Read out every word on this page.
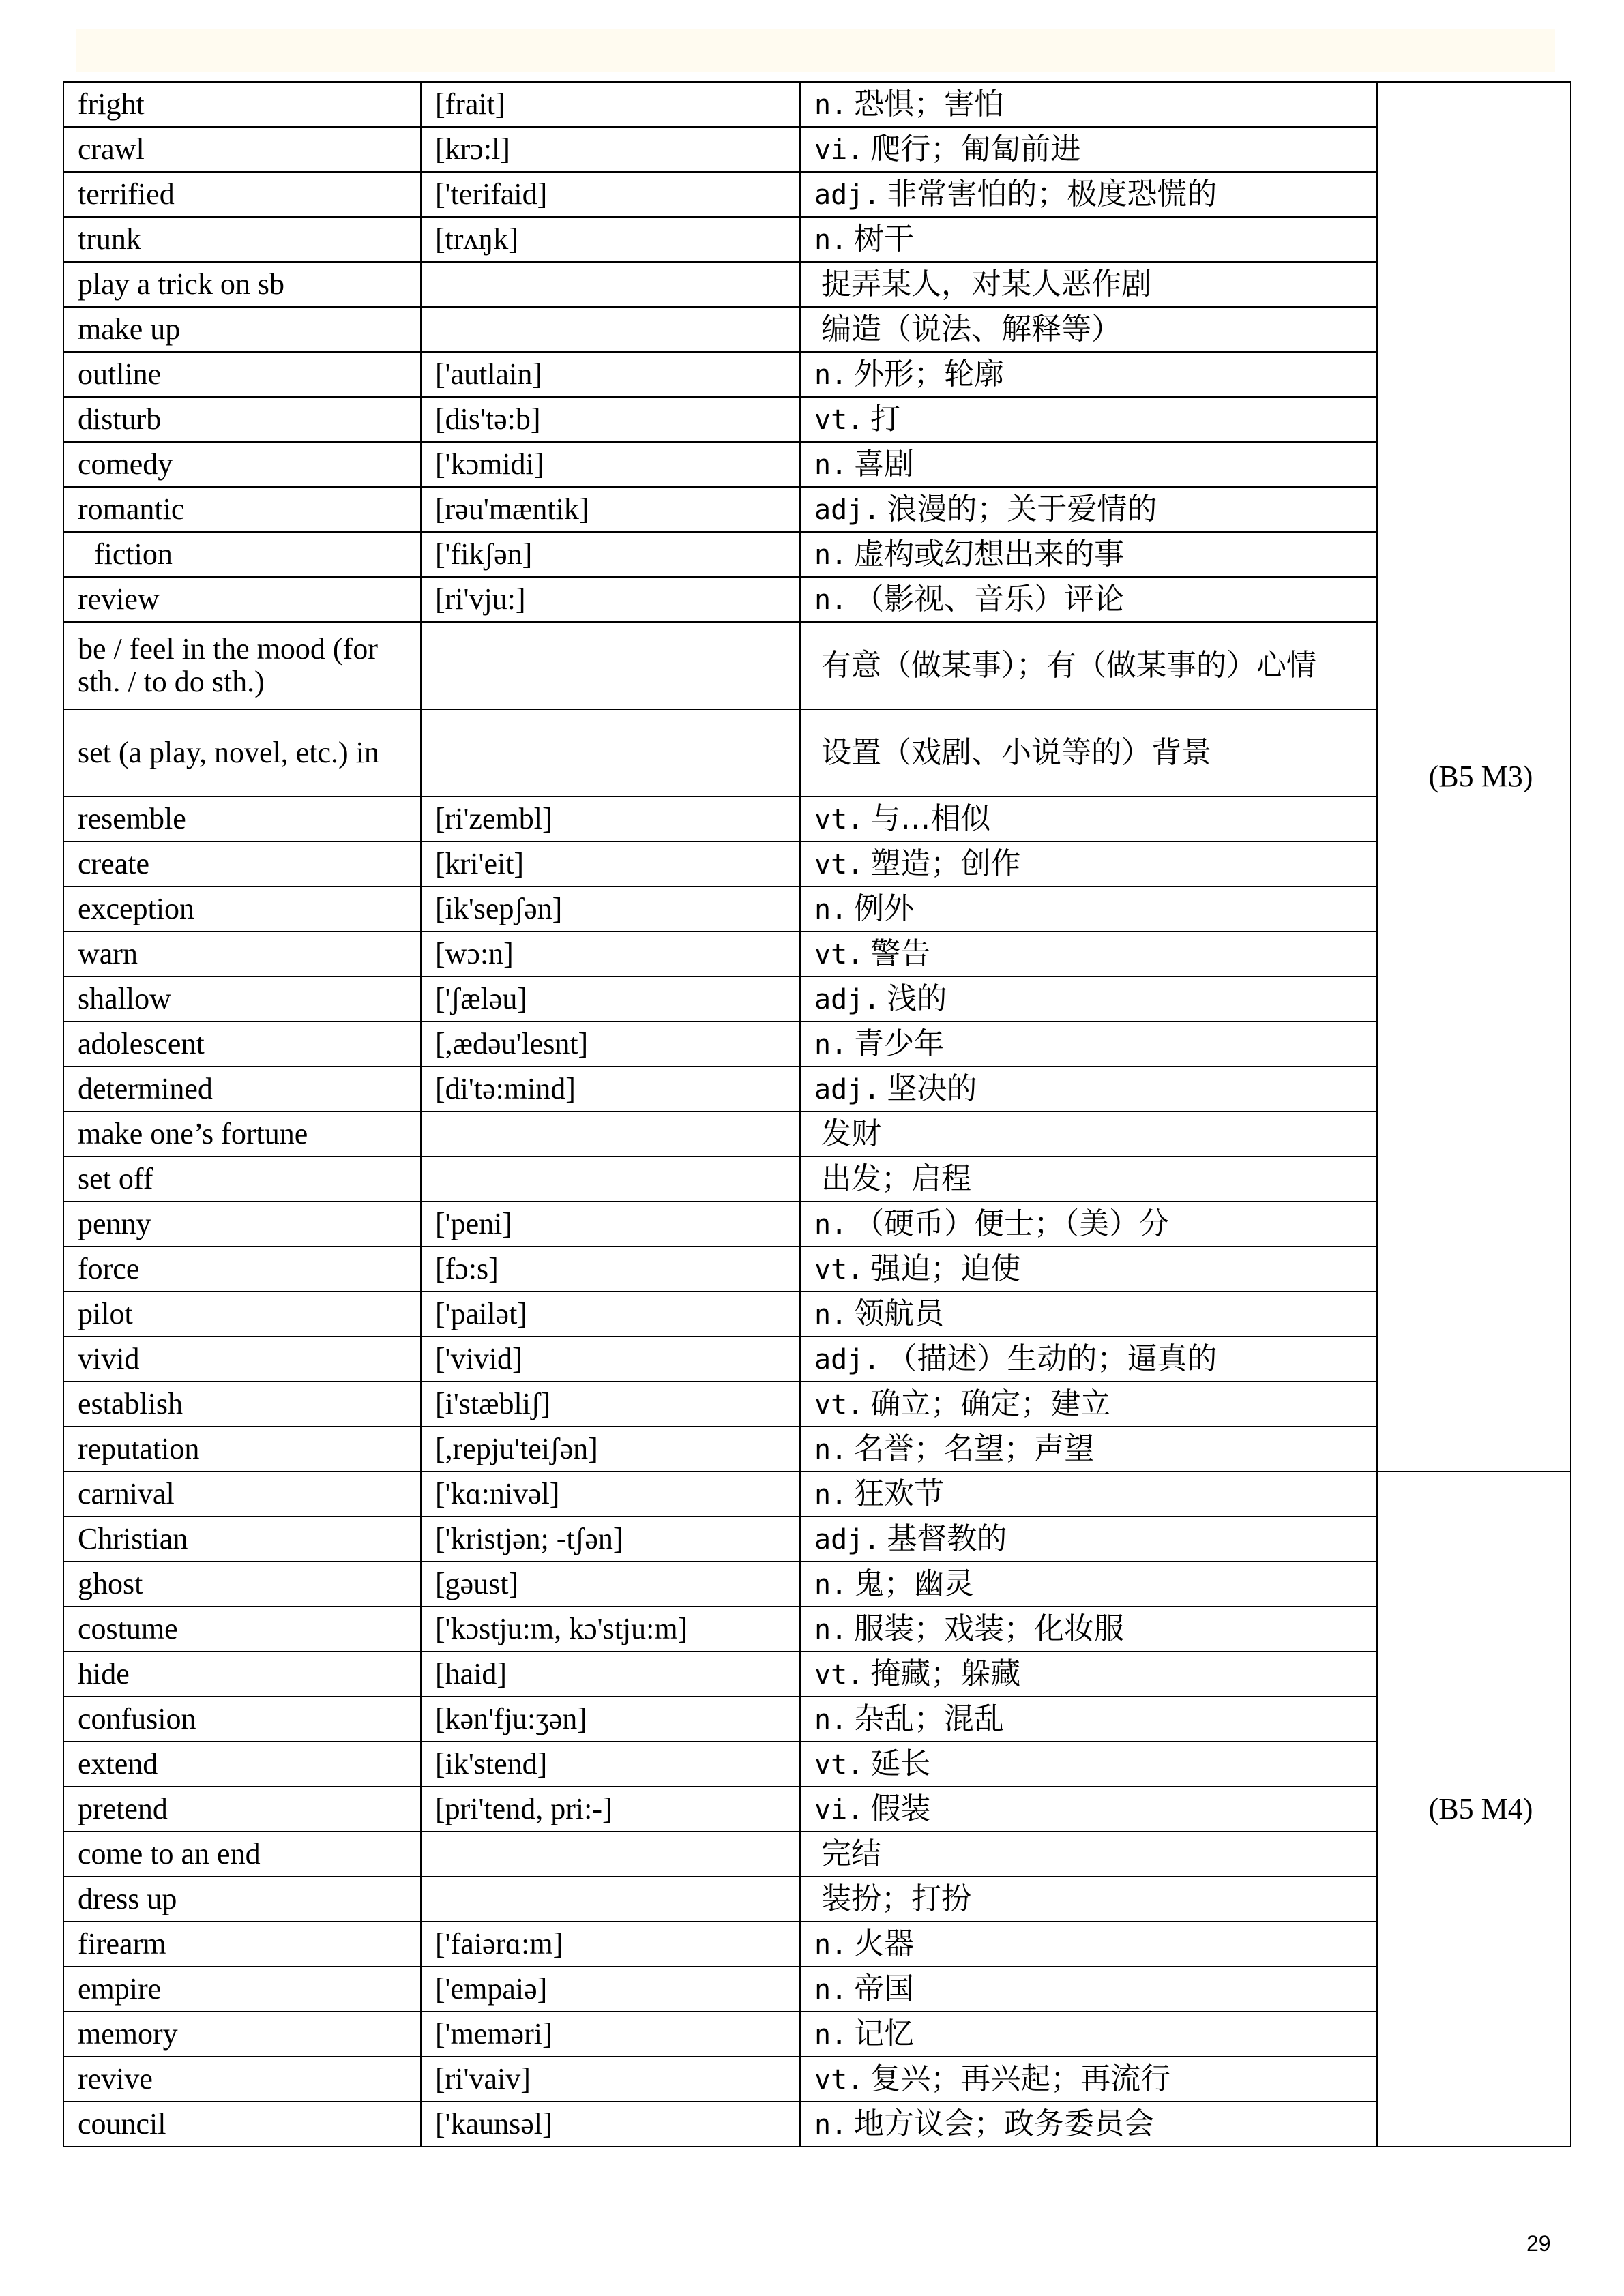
fright	[frait]	n. 恐惧；害怕	(B5 M3)
crawl	[krɔ:l]	vi. 爬行；匍匐前进	
terrified	['terifaid]	adj. 非常害怕的；极度恐慌的	
trunk	[trʌŋk]	n. 树干	
play a trick on sb		捉弄某人，对某人恶作剧	
make up		编造（说法、解释等）	
outline	['autlain]	n. 外形；轮廓	
disturb	[dis'tə:b]	vt. 打	
comedy	['kɔmidi]	n. 喜剧	
romantic	[rəu'mæntik]	adj. 浪漫的；关于爱情的	
fiction	['fikʃən]	n. 虚构或幻想出来的事	
review	[ri'vju:]	n. （影视、音乐）评论	
be / feel in the mood (for sth. / to do sth.)		有意（做某事）；有（做某事的）心情	
set (a play, novel, etc.) in		设置（戏剧、小说等的）背景	
resemble	[ri'zembl]	vt. 与…相似	
create	[kri'eit]	vt. 塑造；创作	
exception	[ik'sepʃən]	n. 例外	
warn	[wɔ:n]	vt. 警告	
shallow	['ʃæləu]	adj. 浅的	
adolescent	[,ædəu'lesnt]	n. 青少年	
determined	[di'tə:mind]	adj. 坚决的	
make one’s fortune		发财	
set off		出发；启程	
penny	['peni]	n. （硬币）便士；（美）分	
force	[fɔ:s]	vt. 强迫；迫使	
pilot	['pailət]	n. 领航员	
vivid	['vivid]	adj. （描述）生动的；逼真的	
establish	[i'stæbliʃ]	vt. 确立；确定；建立	
reputation	[,repju'teiʃən]	n. 名誉；名望；声望	
carnival	['kɑ:nivəl]	n. 狂欢节	(B5 M4)
Christian	['kristjən; -tʃən]	adj. 基督教的	
ghost	[gəust]	n. 鬼；幽灵	
costume	['kɔstju:m, kɔ'stju:m]	n. 服装；戏装；化妆服	
hide	[haid]	vt. 掩藏；躲藏	
confusion	[kən'fju:ʒən]	n. 杂乱；混乱	
extend	[ik'stend]	vt. 延长	
pretend	[pri'tend, pri:-]	vi. 假装	
come to an end		完结	
dress up		装扮；打扮	
firearm	['faiərɑ:m]	n. 火器	
empire	['empaiə]	n. 帝国	
memory	['meməri]	n. 记忆	
revive	[ri'vaiv]	vt. 复兴；再兴起；再流行	
council	['kaunsəl]	n. 地方议会；政务委员会	
29
